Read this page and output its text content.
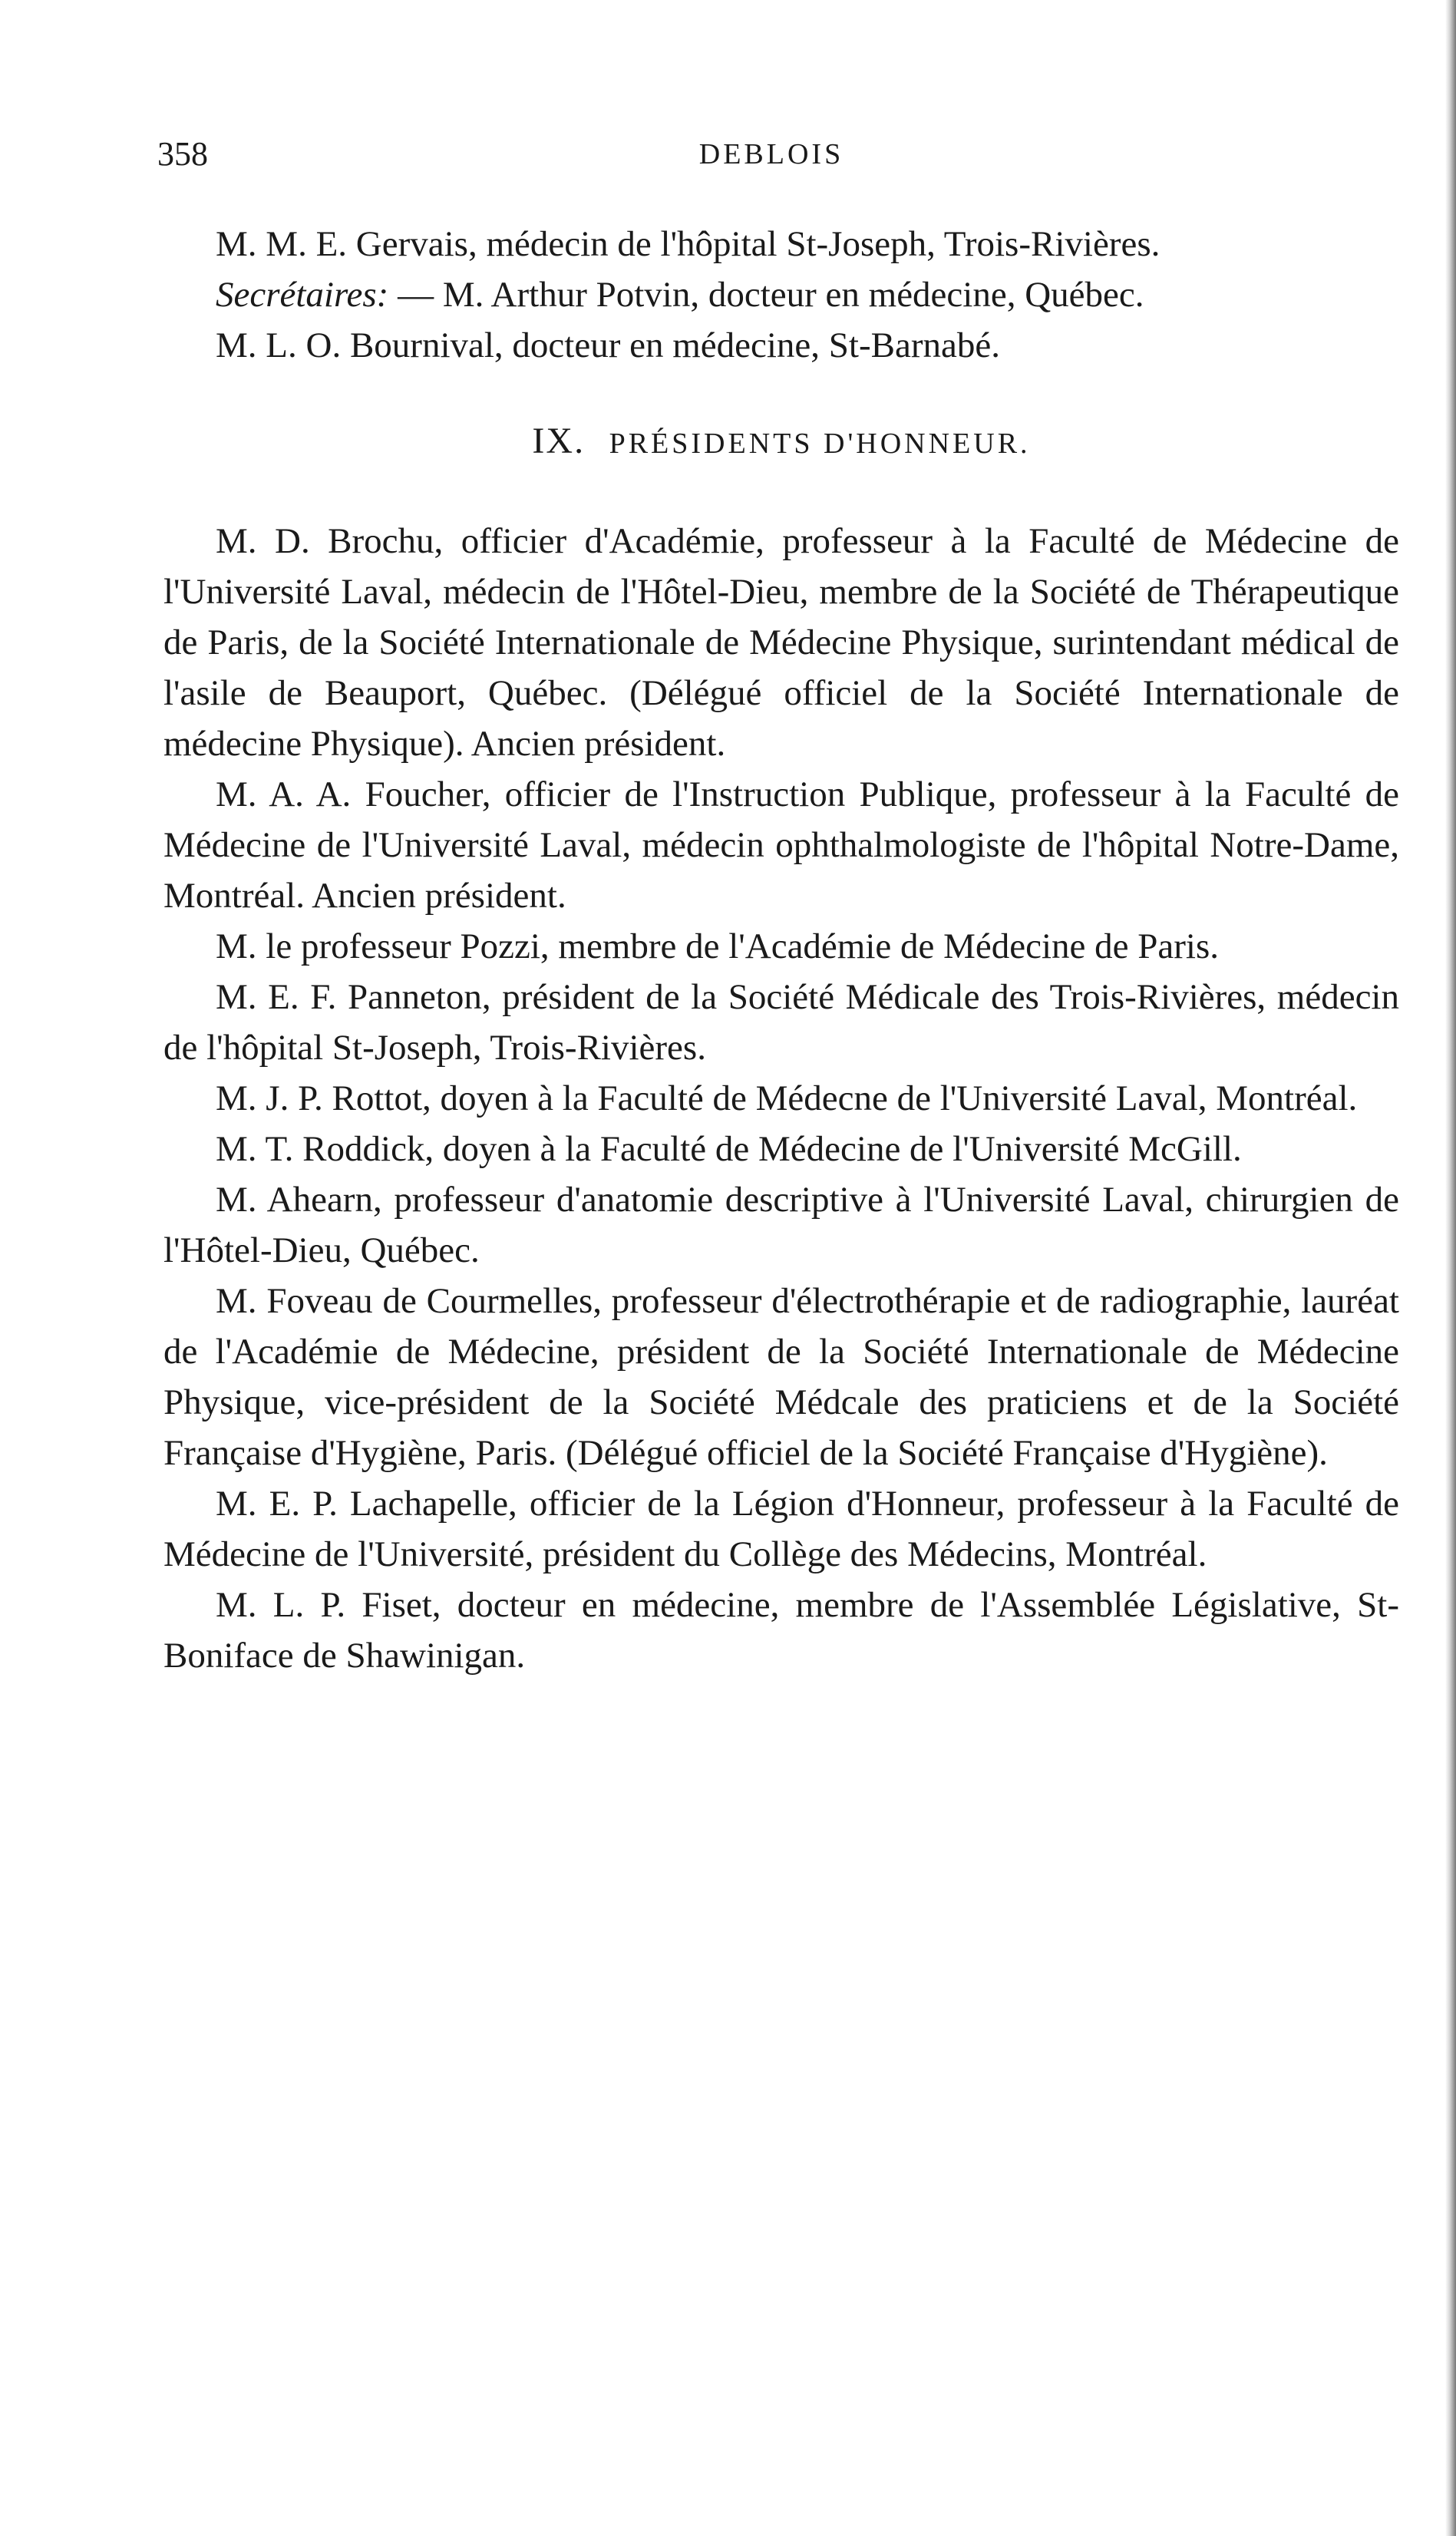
358	DEBLOIS

M. M. E. Gervais, médecin de l'hôpital St-Joseph, Trois-Rivières.

Secrétaires: — M. Arthur Potvin, docteur en médecine, Québec.

M. L. O. Bournival, docteur en médecine, St-Barnabé.

IX. PRÉSIDENTS D'HONNEUR.

M. D. Brochu, officier d'Académie, professeur à la Faculté de Médecine de l'Université Laval, médecin de l'Hôtel-Dieu, membre de la Société de Thérapeutique de Paris, de la Société Internationale de Médecine Physique, surintendant médical de l'asile de Beauport, Québec. (Délégué officiel de la Société Internationale de médecine Physique). Ancien président.

M. A. A. Foucher, officier de l'Instruction Publique, professeur à la Faculté de Médecine de l'Université Laval, médecin ophthalmologiste de l'hôpital Notre-Dame, Montréal. Ancien président.

M. le professeur Pozzi, membre de l'Académie de Médecine de Paris.

M. E. F. Panneton, président de la Société Médicale des Trois-Rivières, médecin de l'hôpital St-Joseph, Trois-Rivières.

M. J. P. Rottot, doyen à la Faculté de Médecne de l'Université Laval, Montréal.

M. T. Roddick, doyen à la Faculté de Médecine de l'Université McGill.

M. Ahearn, professeur d'anatomie descriptive à l'Université Laval, chirurgien de l'Hôtel-Dieu, Québec.

M. Foveau de Courmelles, professeur d'électrothérapie et de radiographie, lauréat de l'Académie de Médecine, président de la Société Internationale de Médecine Physique, vice-président de la Société Médcale des praticiens et de la Société Française d'Hygiène, Paris. (Délégué officiel de la Société Française d'Hygiène).

M. E. P. Lachapelle, officier de la Légion d'Honneur, professeur à la Faculté de Médecine de l'Université, président du Collège des Médecins, Montréal.

M. L. P. Fiset, docteur en médecine, membre de l'Assemblée Législative, St-Boniface de Shawinigan.
